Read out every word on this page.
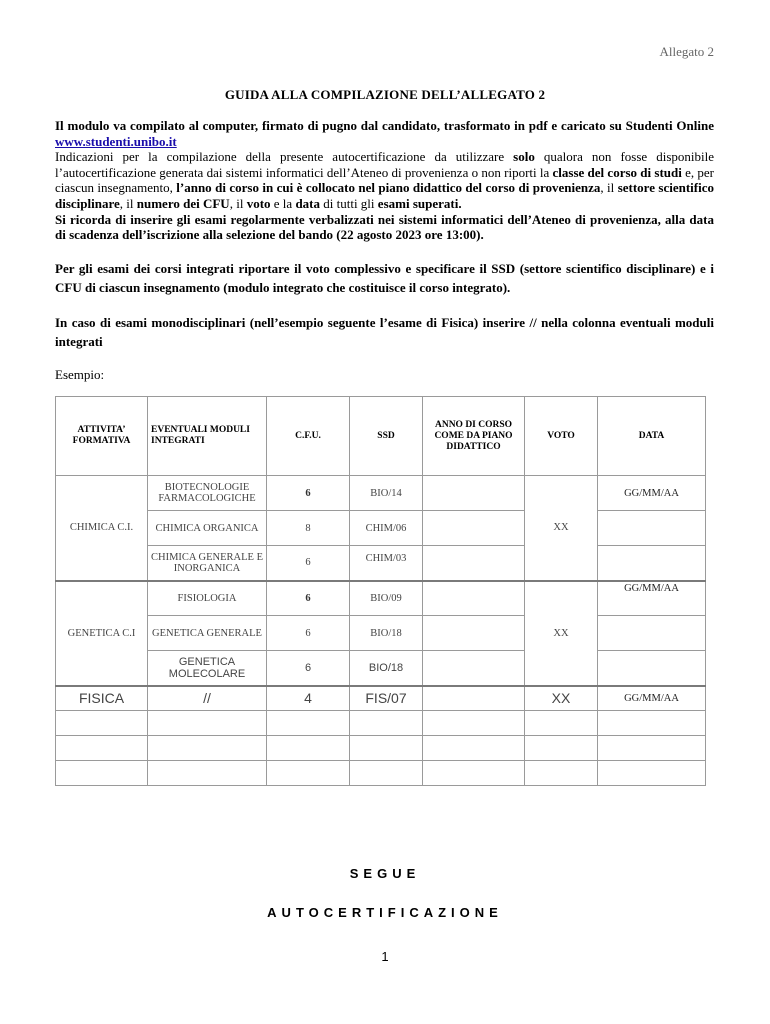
Allegato 2
GUIDA ALLA COMPILAZIONE DELL’ALLEGATO 2
Il modulo va compilato al computer, firmato di pugno dal candidato, trasformato in pdf e caricato su Studenti Online www.studenti.unibo.it
Indicazioni per la compilazione della presente autocertificazione da utilizzare solo qualora non fosse disponibile l’autocertificazione generata dai sistemi informatici dell’Ateneo di provenienza o non riporti la classe del corso di studi e, per ciascun insegnamento, l’anno di corso in cui è collocato nel piano didattico del corso di provenienza, il settore scientifico disciplinare, il numero dei CFU, il voto e la data di tutti gli esami superati.
Si ricorda di inserire gli esami regolarmente verbalizzati nei sistemi informatici dell’Ateneo di provenienza, alla data di scadenza dell’iscrizione alla selezione del bando (22 agosto 2023 ore 13:00).
Per gli esami dei corsi integrati riportare il voto complessivo e specificare il SSD (settore scientifico disciplinare) e i CFU di ciascun insegnamento (modulo integrato che costituisce il corso integrato).
In caso di esami monodisciplinari (nell’esempio seguente l’esame di Fisica) inserire // nella colonna eventuali moduli integrati
Esempio:
ATTIVITA’ FORMATIVA	EVENTUALI MODULI INTEGRATI	C.F.U.	SSD	ANNO DI CORSO COME DA PIANO DIDATTICO	VOTO	DATA
CHIMICA C.I.	BIOTECNOLOGIE FARMACOLOGICHE	6	BIO/14		XX	GG/MM/AA
	CHIMICA ORGANICA	8	CHIM/06			
	CHIMICA GENERALE E INORGANICA	6	CHIM/03			
GENETICA C.I	FISIOLOGIA	6	BIO/09		XX	GG/MM/AA
	GENETICA GENERALE	6	BIO/18			
	GENETICA MOLECOLARE	6	BIO/18			
FISICA	//	4	FIS/07		XX	GG/MM/AA

SEGUE
AUTOCERTIFICAZIONE
1
